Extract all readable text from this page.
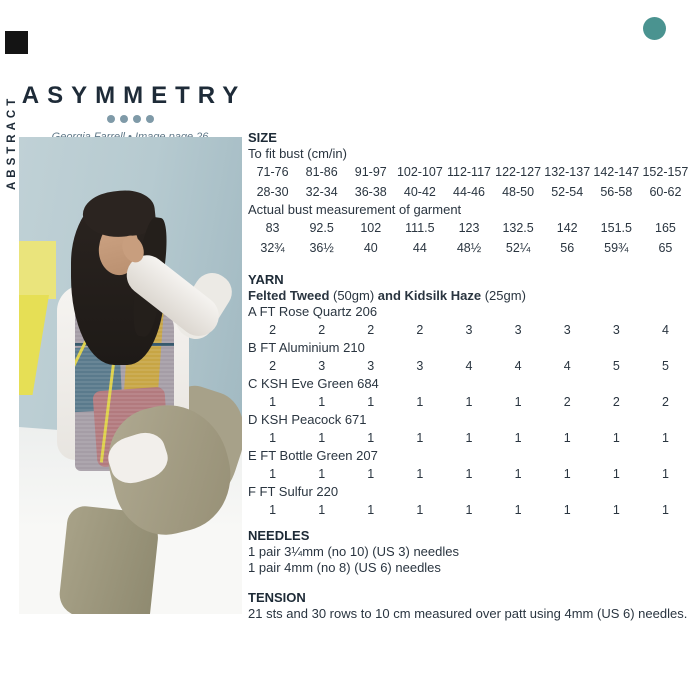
ABSTRACT ASYMMETRY
SIZE
To fit bust (cm/in)
71-76	81-86	91-97 102-107 112-117 122-127 132-137 142-147 152-157
28-30	32-34	36-38	40-42	44-46	48-50	52-54	56-58	60-62
Actual bust measurement of garment
83	92.5	102	111.5	123	132.5	142	151.5	165
32¾	36½	40	44	48½	52¼	56	59¾	65
YARN
Felted Tweed (50gm) and Kidsilk Haze (25gm)
A FT Rose Quartz 206
2	2	2	2	3	3	3	3	4
B FT Aluminium 210
2	3	3	3	4	4	4	5	5
C KSH Eve Green 684
1	1	1	1	1	1	2	2	2
D KSH Peacock 671
1	1	1	1	1	1	1	1	1
E FT Bottle Green 207
1	1	1	1	1	1	1	1	1
F FT Sulfur 220
1	1	1	1	1	1	1	1	1
NEEDLES
1 pair 3¼mm (no 10) (US 3) needles
1 pair 4mm (no 8) (US 6) needles
TENSION
21 sts and 30 rows to 10 cm measured over patt using 4mm (US 6) needles.
